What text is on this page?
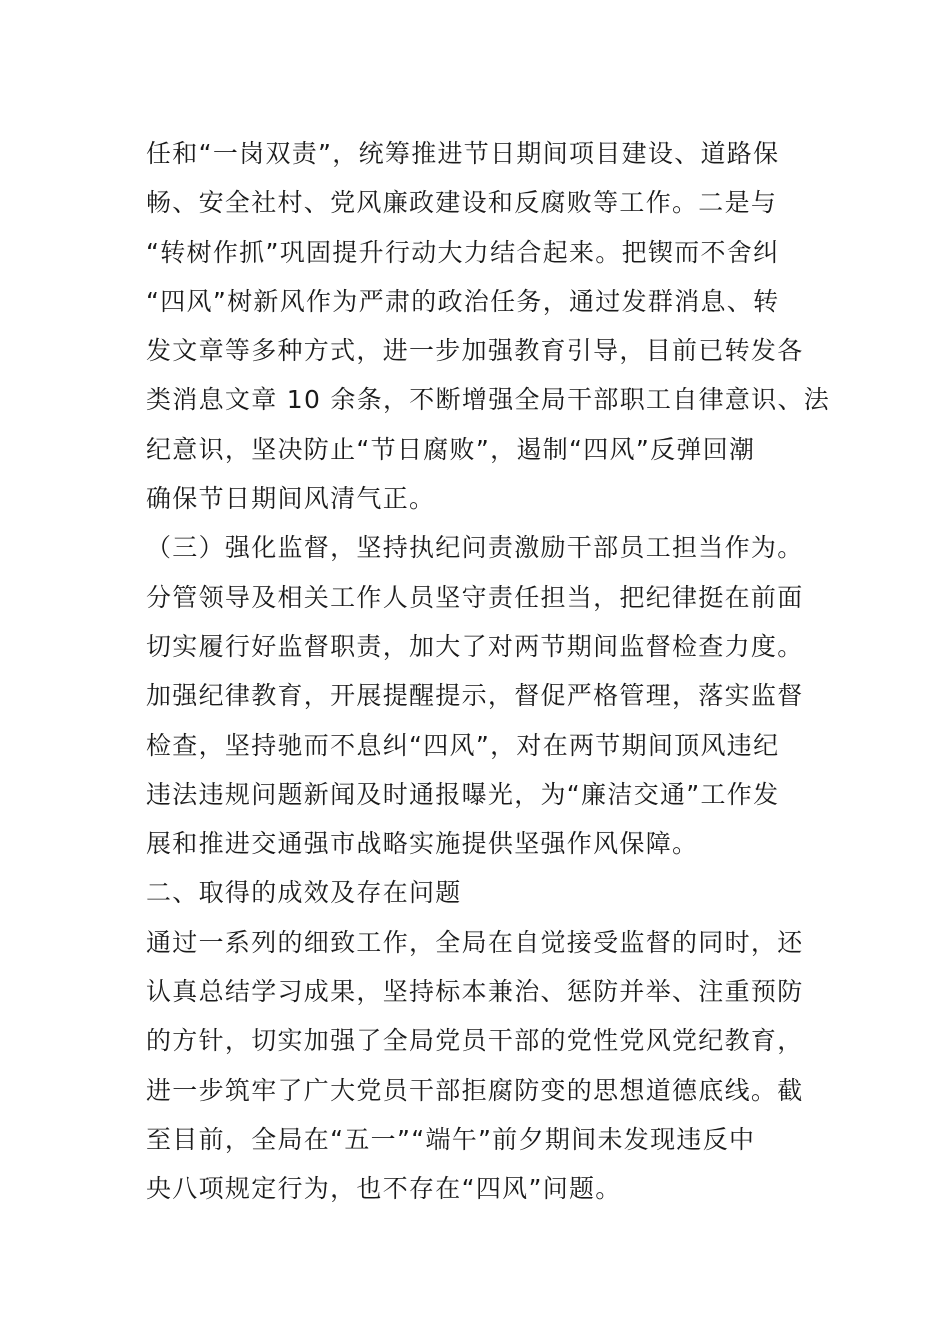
任和“一岗双责”，统筹推进节日期间项目建设、道路保
畅、安全社村、党风廉政建设和反腐败等工作。二是与
“转树作抓”巩固提升行动大力结合起来。把锲而不舍纠
“四风”树新风作为严肃的政治任务，通过发群消息、转
发文章等多种方式，进一步加强教育引导，目前已转发各
类消息文章 10 余条，不断增强全局干部职工自律意识、法
纪意识，坚决防止“节日腐败”，遏制“四风”反弹回潮
确保节日期间风清气正。
（三）强化监督，坚持执纪问责激励干部员工担当作为。
分管领导及相关工作人员坚守责任担当，把纪律挺在前面
切实履行好监督职责，加大了对两节期间监督检查力度。
加强纪律教育，开展提醒提示，督促严格管理，落实监督
检查，坚持驰而不息纠“四风”，对在两节期间顶风违纪
违法违规问题新闻及时通报曝光，为“廉洁交通”工作发
展和推进交通强市战略实施提供坚强作风保障。
二、取得的成效及存在问题
通过一系列的细致工作，全局在自觉接受监督的同时，还
认真总结学习成果，坚持标本兼治、惩防并举、注重预防
的方针，切实加强了全局党员干部的党性党风党纪教育，
进一步筑牢了广大党员干部拒腐防变的思想道德底线。截
至目前，全局在“五一”“端午”前夕期间未发现违反中
央八项规定行为，也不存在“四风”问题。
